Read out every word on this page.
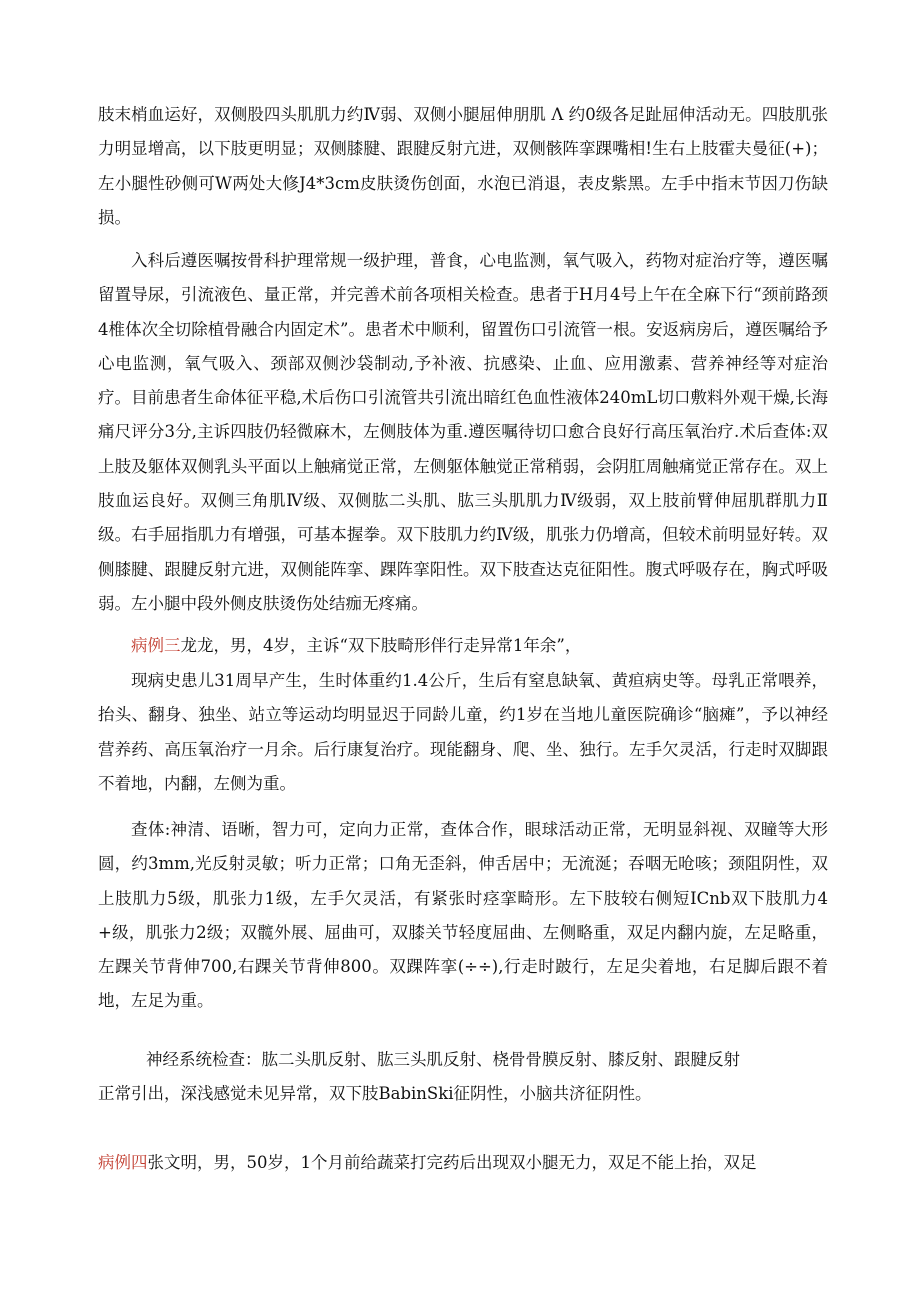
肢末梢血运好，双侧股四头肌肌力约Ⅳ弱、双侧小腿屈伸朋肌 Λ 约0级各足趾屈伸活动无。四肢肌张力明显增高，以下肢更明显；双侧膝腱、跟腱反射亢进，双侧骸阵挛踝嘴相!生右上肢霍夫曼征(+)；左小腿性砂侧可W两处大修J4*3cm皮肤烫伤创面，水泡已消退，表皮紫黑。左手中指末节因刀伤缺损。

入科后遵医嘱按骨科护理常规一级护理，普食，心电监测，氧气吸入，药物对症治疗等，遵医嘱留置导尿，引流液色、量正常，并完善术前各项相关检查。患者于H月4号上午在全麻下行“颈前路颈4椎体次全切除植骨融合内固定术”。患者术中顺利，留置伤口引流管一根。安返病房后，遵医嘱给予心电监测，氧气吸入、颈部双侧沙袋制动,予补液、抗感染、止血、应用激素、营养神经等对症治疗。目前患者生命体征平稳,术后伤口引流管共引流出暗红色血性液体240mL切口敷料外观干燥,长海痛尺评分3分,主诉四肢仍轻微麻木，左侧肢体为重.遵医嘱待切口愈合良好行高压氧治疗.术后查体:双上肢及躯体双侧乳头平面以上触痛觉正常，左侧躯体触觉正常稍弱，会阴肛周触痛觉正常存在。双上肢血运良好。双侧三角肌Ⅳ级、双侧肱二头肌、肱三头肌肌力Ⅳ级弱，双上肢前臂伸屈肌群肌力Ⅱ级。右手屈指肌力有增强，可基本握拳。双下肢肌力约Ⅳ级，肌张力仍增高，但较术前明显好转。双侧膝腱、跟腱反射亢进，双侧能阵挛、踝阵挛阳性。双下肢查达克征阳性。腹式呼吸存在，胸式呼吸弱。左小腿中段外侧皮肤烫伤处结痂无疼痛。

病例三龙龙，男，4岁，主诉“双下肢畸形伴行走异常1年余”，

现病史患儿31周早产生，生时体重约1.4公斤，生后有窒息缺氧、黄疸病史等。母乳正常喂养，抬头、翻身、独坐、站立等运动均明显迟于同龄儿童，约1岁在当地儿童医院确诊“脑瘫”，予以神经营养药、高压氧治疗一月余。后行康复治疗。现能翻身、爬、坐、独行。左手欠灵活，行走时双脚跟不着地，内翻，左侧为重。

查体:神清、语晰，智力可，定向力正常，查体合作，眼球活动正常，无明显斜视、双瞳等大形圆，约3mm,光反射灵敏；听力正常；口角无歪斜，伸舌居中；无流涎；吞咽无呛咳；颈阻阴性，双上肢肌力5级，肌张力1级，左手欠灵活，有紧张时痉挛畸形。左下肢较右侧短ICnb双下肢肌力4+级，肌张力2级；双髋外展、屈曲可，双膝关节轻度屈曲、左侧略重，双足内翻内旋，左足略重，左踝关节背伸700,右踝关节背伸800。双踝阵挛(÷÷),行走时跛行，左足尖着地，右足脚后跟不着地，左足为重。

神经系统检查：肱二头肌反射、肱三头肌反射、桡骨骨膜反射、膝反射、跟腱反射

正常引出，深浅感觉未见异常，双下肢BabinSki征阴性，小脑共济征阴性。

病例四张文明，男，50岁，1个月前给蔬菜打完药后出现双小腿无力，双足不能上抬，双足
